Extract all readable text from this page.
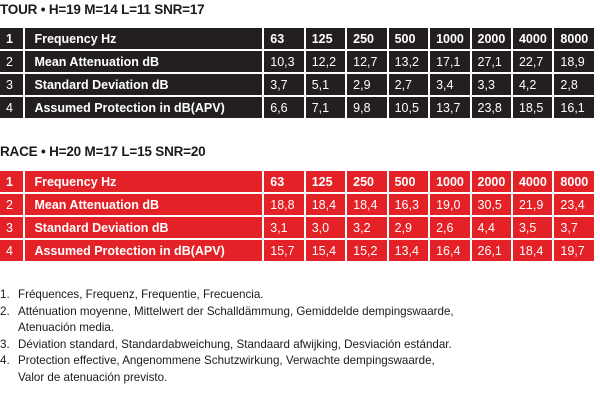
TOUR • H=19 M=14 L=11 SNR=17
1	Frequency Hz	63	125	250	500	1000	2000	4000	8000
2	Mean Attenuation dB	10,3	12,2	12,7	13,2	17,1	27,1	22,7	18,9
3	Standard Deviation dB	3,7	5,1	2,9	2,7	3,4	3,3	4,2	2,8
4	Assumed Protection in dB(APV)	6,6	7,1	9,8	10,5	13,7	23,8	18,5	16,1
RACE • H=20 M=17 L=15 SNR=20
1	Frequency Hz	63	125	250	500	1000	2000	4000	8000
2	Mean Attenuation dB	18,8	18,4	18,4	16,3	19,0	30,5	21,9	23,4
3	Standard Deviation dB	3,1	3,0	3,2	2,9	2,6	4,4	3,5	3,7
4	Assumed Protection in dB(APV)	15,7	15,4	15,2	13,4	16,4	26,1	18,4	19,7
1. Fréquences, Frequenz, Frequentie, Frecuencia.
2. Atténuation moyenne, Mittelwert der Schalldämmung, Gemiddelde dempingswaarde,
Atenuación media.
3. Déviation standard, Standardabweichung, Standaard afwijking, Desviación estándar.
4. Protection effective, Angenommene Schutzwirkung, Verwachte dempingswaarde,
Valor de atenuación previsto.
